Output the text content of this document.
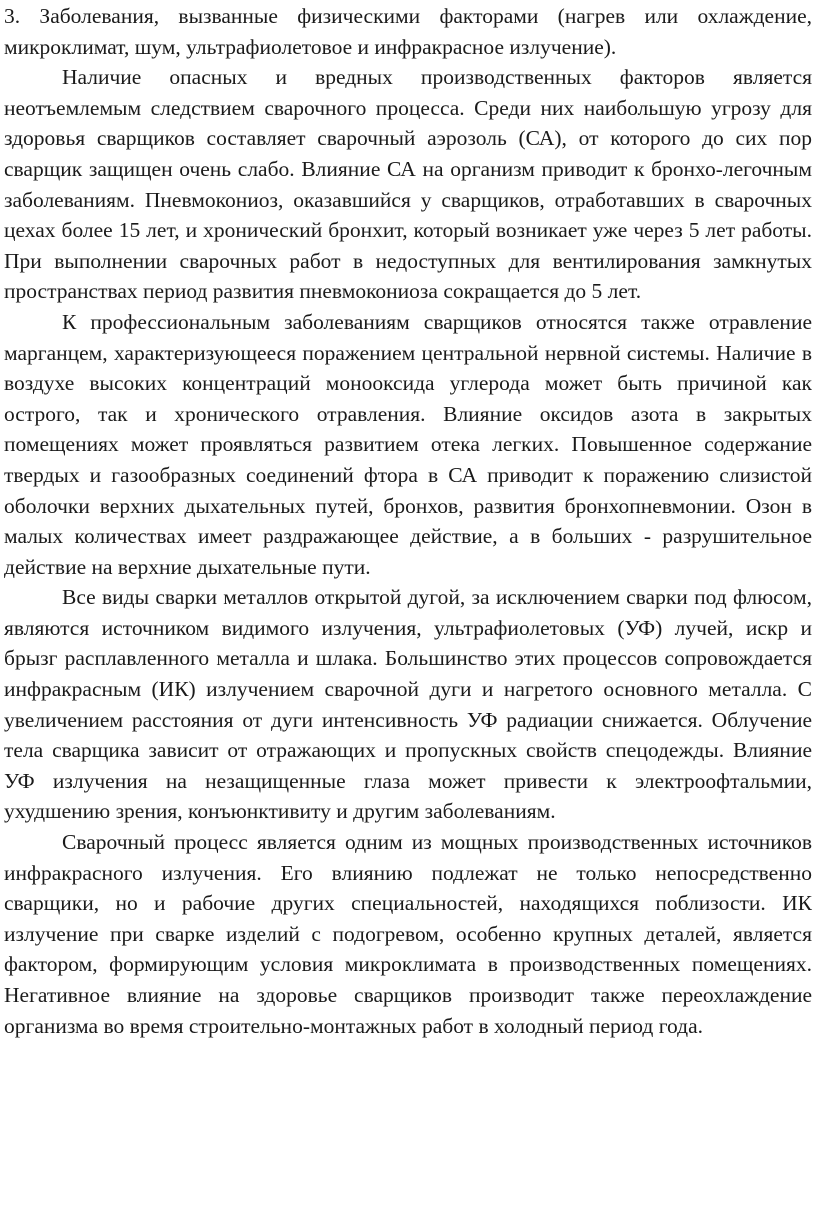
3. Заболевания, вызванные физическими факторами (нагрев или охлаждение, микроклимат, шум, ультрафиолетовое и инфракрасное излучение).

Наличие опасных и вредных производственных факторов является неотъемлемым следствием сварочного процесса. Среди них наибольшую угрозу для здоровья сварщиков составляет сварочный аэрозоль (СА), от которого до сих пор сварщик защищен очень слабо. Влияние СА на организм приводит к бронхо-легочным заболеваниям. Пневмокониоз, оказавшийся у сварщиков, отработавших в сварочных цехах более 15 лет, и хронический бронхит, который возникает уже через 5 лет работы. При выполнении сварочных работ в недоступных для вентилирования замкнутых пространствах период развития пневмокониоза сокращается до 5 лет.

К профессиональным заболеваниям сварщиков относятся также отравление марганцем, характеризующееся поражением центральной нервной системы. Наличие в воздухе высоких концентраций монооксида углерода может быть причиной как острого, так и хронического отравления. Влияние оксидов азота в закрытых помещениях может проявляться развитием отека легких. Повышенное содержание твердых и газообразных соединений фтора в СА приводит к поражению слизистой оболочки верхних дыхательных путей, бронхов, развития бронхопневмонии. Озон в малых количествах имеет раздражающее действие, а в больших - разрушительное действие на верхние дыхательные пути.

Все виды сварки металлов открытой дугой, за исключением сварки под флюсом, являются источником видимого излучения, ультрафиолетовых (УФ) лучей, искр и брызг расплавленного металла и шлака. Большинство этих процессов сопровождается инфракрасным (ИК) излучением сварочной дуги и нагретого основного металла. С увеличением расстояния от дуги интенсивность УФ радиации снижается. Облучение тела сварщика зависит от отражающих и пропускных свойств спецодежды. Влияние УФ излучения на незащищенные глаза может привести к электроофтальмии, ухудшению зрения, конъюнктивиту и другим заболеваниям.

Сварочный процесс является одним из мощных производственных источников инфракрасного излучения. Его влиянию подлежат не только непосредственно сварщики, но и рабочие других специальностей, находящихся поблизости. ИК излучение при сварке изделий с подогревом, особенно крупных деталей, является фактором, формирующим условия микроклимата в производственных помещениях. Негативное влияние на здоровье сварщиков производит также переохлаждение организма во время строительно-монтажных работ в холодный период года.
